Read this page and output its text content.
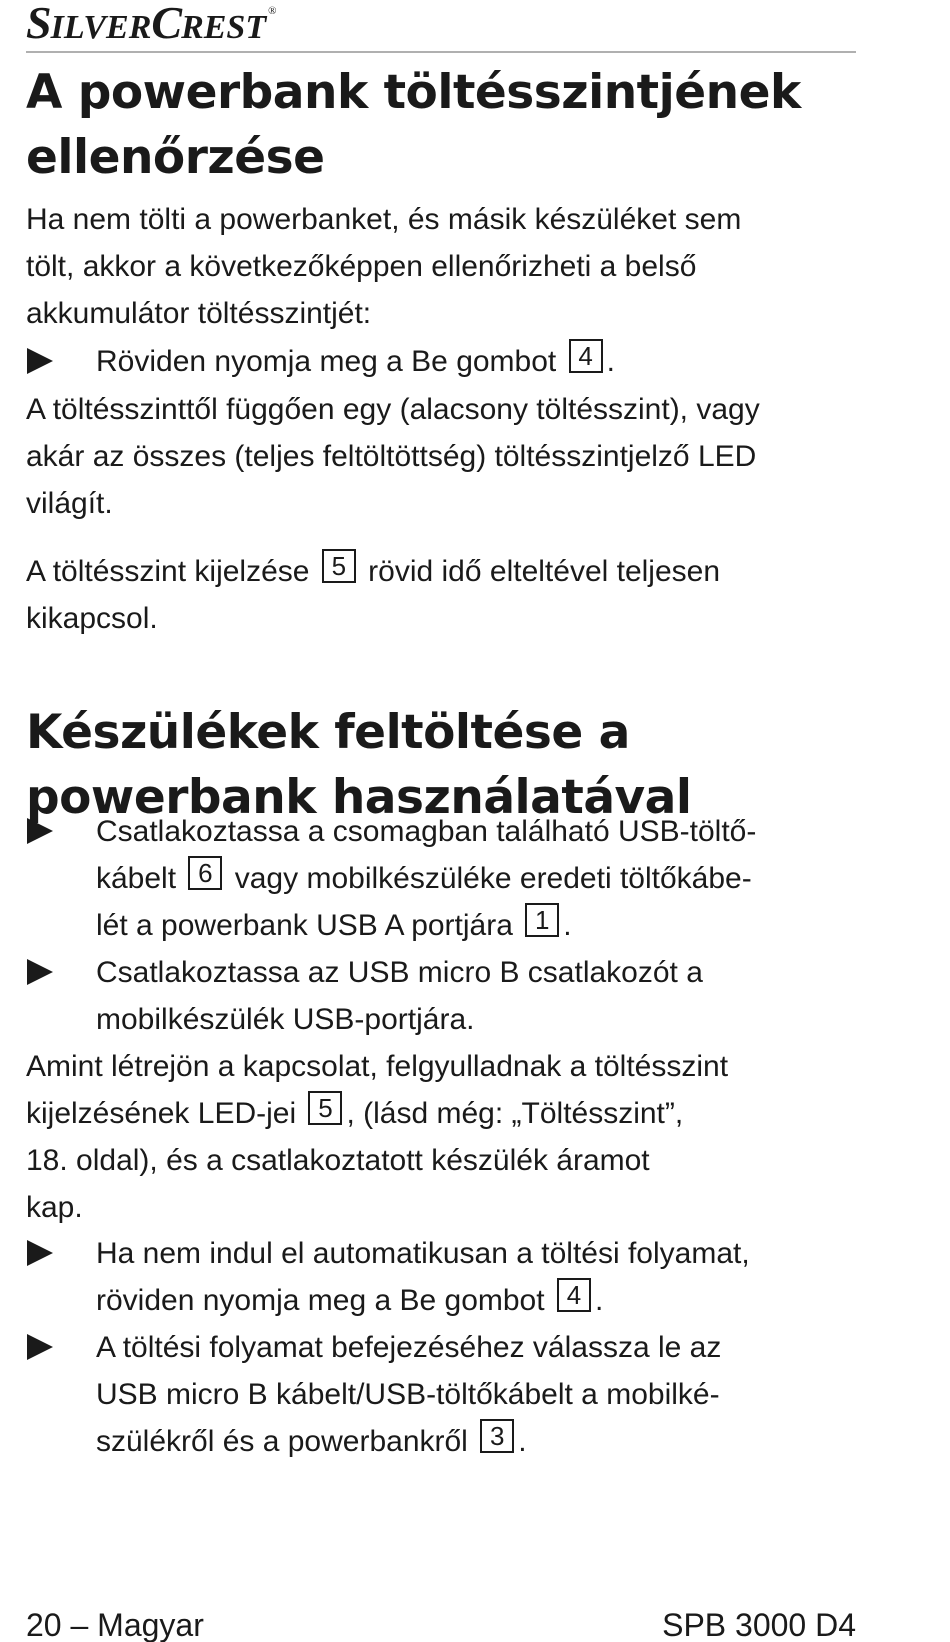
SILVERCREST ®
A powerbank töltésszintjének
ellenőrzése
Ha nem tölti a powerbanket, és másik készüléket sem
tölt, akkor a következőképpen ellenőrizheti a belső
akkumulátor töltésszintjét:
Röviden nyomja meg a Be gombot 4 .
A töltésszinttől függően egy (alacsony töltésszint), vagy
akár az összes (teljes feltöltöttség) töltésszintjelző LED
világít.
A töltésszint kijelzése 5 rövid idő elteltével teljesen
kikapcsol.
Készülékek feltöltése a
powerbank használatával
Csatlakoztassa a csomagban található USB-töltő-
kábelt 6 vagy mobilkészüléke eredeti töltőkábe-
lét a powerbank USB A portjára 1 .
Csatlakoztassa az USB micro B csatlakozót a
mobilkészülék USB-portjára.
Amint létrejön a kapcsolat, felgyulladnak a töltésszint
kijelzésének LED-jei 5 , (lásd még: „Töltésszint”,
18. oldal), és a csatlakoztatott készülék áramot
kap.
Ha nem indul el automatikusan a töltési folyamat,
röviden nyomja meg a Be gombot 4 .
A töltési folyamat befejezéséhez válassza le az
USB micro B kábelt/USB-töltőkábelt a mobilké-
szülékről és a powerbankről 3 .
20 – Magyar	SPB 3000 D4
